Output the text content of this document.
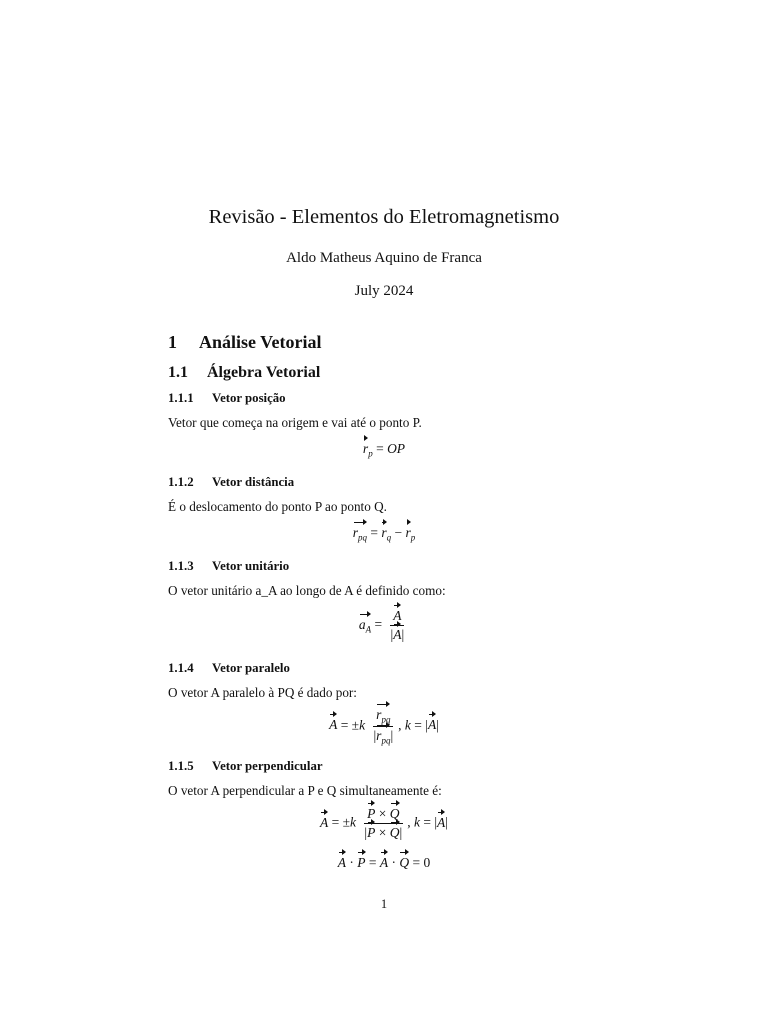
Revisão - Elementos do Eletromagnetismo
Aldo Matheus Aquino de Franca
July 2024
1 Análise Vetorial
1.1 Álgebra Vetorial
1.1.1 Vetor posição
Vetor que começa na origem e vai até o ponto P.
$r_p$ = OP
1.1.2 Vetor distância
É o deslocamento do ponto P ao ponto Q.
$r_{pq} = r_q - r_p$
1.1.3 Vetor unitário
O vetor unitário a_A ao longo de A é definido como:
$a_A = \frac{A}{|A|}$
1.1.4 Vetor paralelo
O vetor A paralelo à PQ é dado por:
$A = \pm k \frac{r_{pq}}{|r_{pq}|}$ , k = |A|
1.1.5 Vetor perpendicular
O vetor A perpendicular a P e Q simultaneamente é:
$A = \pm k \frac{P \times Q}{|P \times Q|}$ , k = |A|
A · P = A · Q = 0
1
